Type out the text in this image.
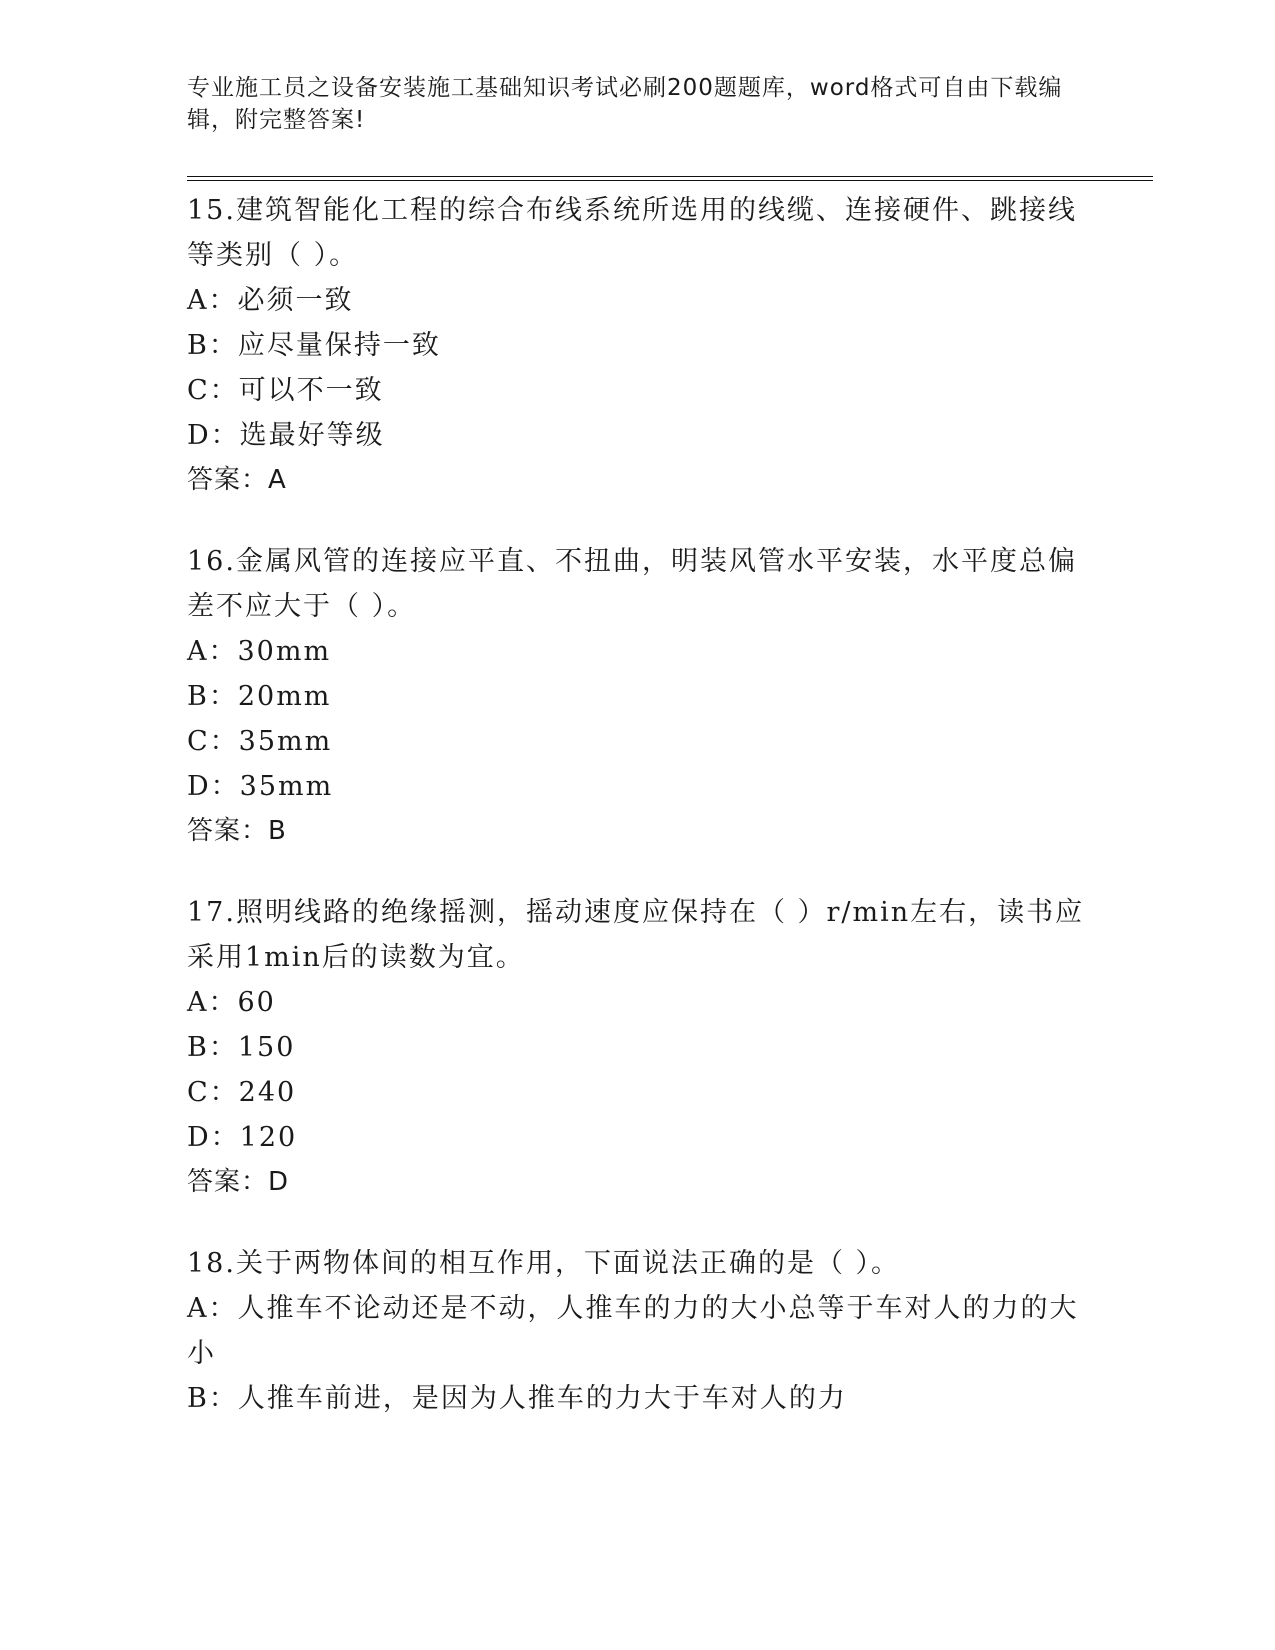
专业施工员之设备安装施工基础知识考试必刷200题题库，word格式可自由下载编辑，附完整答案!

15.建筑智能化工程的综合布线系统所选用的线缆、连接硬件、跳接线等类别（ ）。

A：必须一致

B：应尽量保持一致

C：可以不一致

D：选最好等级

答案：A

16.金属风管的连接应平直、不扭曲，明装风管水平安装，水平度总偏差不应大于（ ）。

A：30mm

B：20mm

C：35mm

D：35mm

答案：B

17.照明线路的绝缘摇测，摇动速度应保持在（ ）r/min左右，读书应采用1min后的读数为宜。

A：60

B：150

C：240

D：120

答案：D

18.关于两物体间的相互作用，下面说法正确的是（ ）。

A：人推车不论动还是不动，人推车的力的大小总等于车对人的力的大小

B：人推车前进，是因为人推车的力大于车对人的力
